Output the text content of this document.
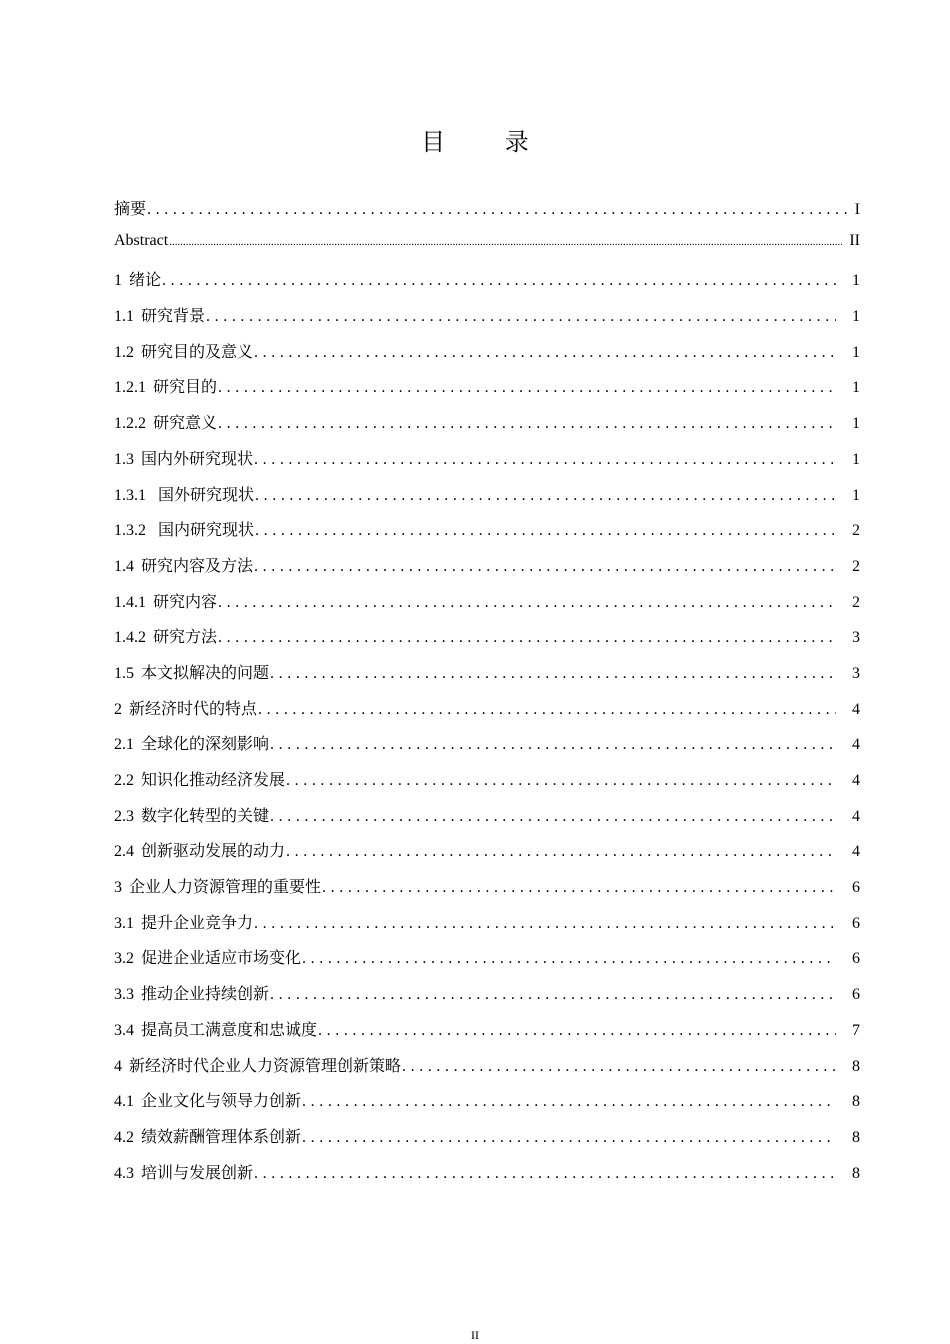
目 录
摘要 .....	I
Abstract .....	II
1 绪论 .....	1
1.1 研究背景 .....	1
1.2 研究目的及意义 .....	1
1.2.1 研究目的 .....	1
1.2.2 研究意义 .....	1
1.3 国内外研究现状 .....	1
1.3.1 国外研究现状 .....	1
1.3.2 国内研究现状 .....	2
1.4 研究内容及方法 .....	2
1.4.1 研究内容 .....	2
1.4.2 研究方法 .....	3
1.5 本文拟解决的问题 .....	3
2 新经济时代的特点 .....	4
2.1 全球化的深刻影响 .....	4
2.2 知识化推动经济发展 .....	4
2.3 数字化转型的关键 .....	4
2.4 创新驱动发展的动力 .....	4
3 企业人力资源管理的重要性 .....	6
3.1 提升企业竞争力 .....	6
3.2 促进企业适应市场变化 .....	6
3.3 推动企业持续创新 .....	6
3.4 提高员工满意度和忠诚度 .....	7
4 新经济时代企业人力资源管理创新策略 .....	8
4.1 企业文化与领导力创新 .....	8
4.2 绩效薪酬管理体系创新 .....	8
4.3 培训与发展创新 .....	8
II
